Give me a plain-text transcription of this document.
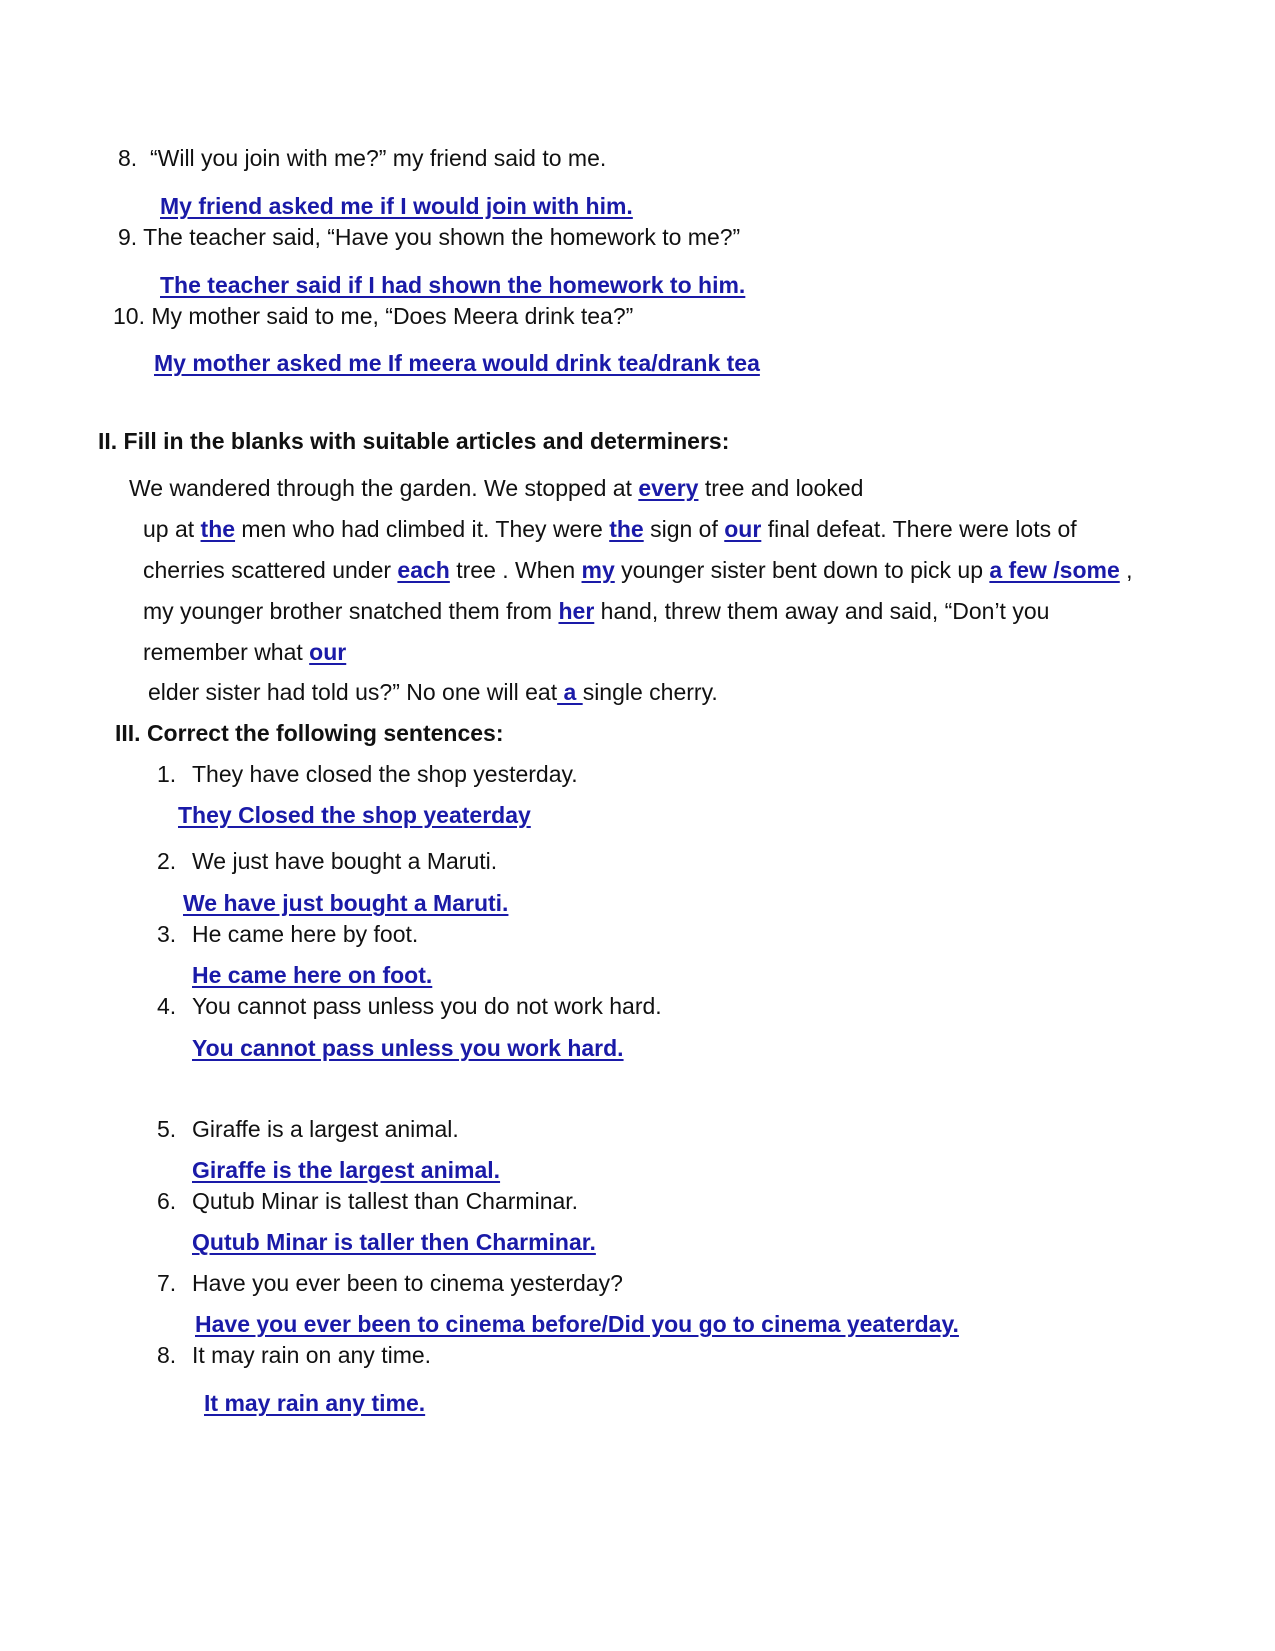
8. “Will you join with me?” my friend said to me.
My friend asked me if I would join with him.
9. The teacher said, “Have you shown the homework to me?”
The teacher said if I had shown the homework to him.
10. My mother said to me, “Does Meera drink tea?”
My mother asked me If meera would drink tea/drank tea
II. Fill in the blanks with suitable articles and determiners:
We wandered through the garden. We stopped at every tree and looked
up at the men who had climbed it. They were the sign of our final defeat. There were lots of
cherries scattered under each tree . When my younger sister bent down to pick up a few /some ,
my younger brother snatched them from her hand, threw them away and said, “Don’t you
remember what our
elder sister had told us?” No one will eat a single cherry.
III. Correct the following sentences:
1. They have closed the shop yesterday.
They Closed the shop yeaterday
2. We just have bought a Maruti.
We have just bought a Maruti.
3. He came here by foot.
He came here on foot.
4. You cannot pass unless you do not work hard.
You cannot pass unless you work hard.
5. Giraffe is a largest animal.
Giraffe is the largest animal.
6. Qutub Minar is tallest than Charminar.
Qutub Minar is taller then Charminar.
7. Have you ever been to cinema yesterday?
Have you ever been to cinema before/Did you go to cinema yeaterday.
8. It may rain on any time.
It may rain any time.
